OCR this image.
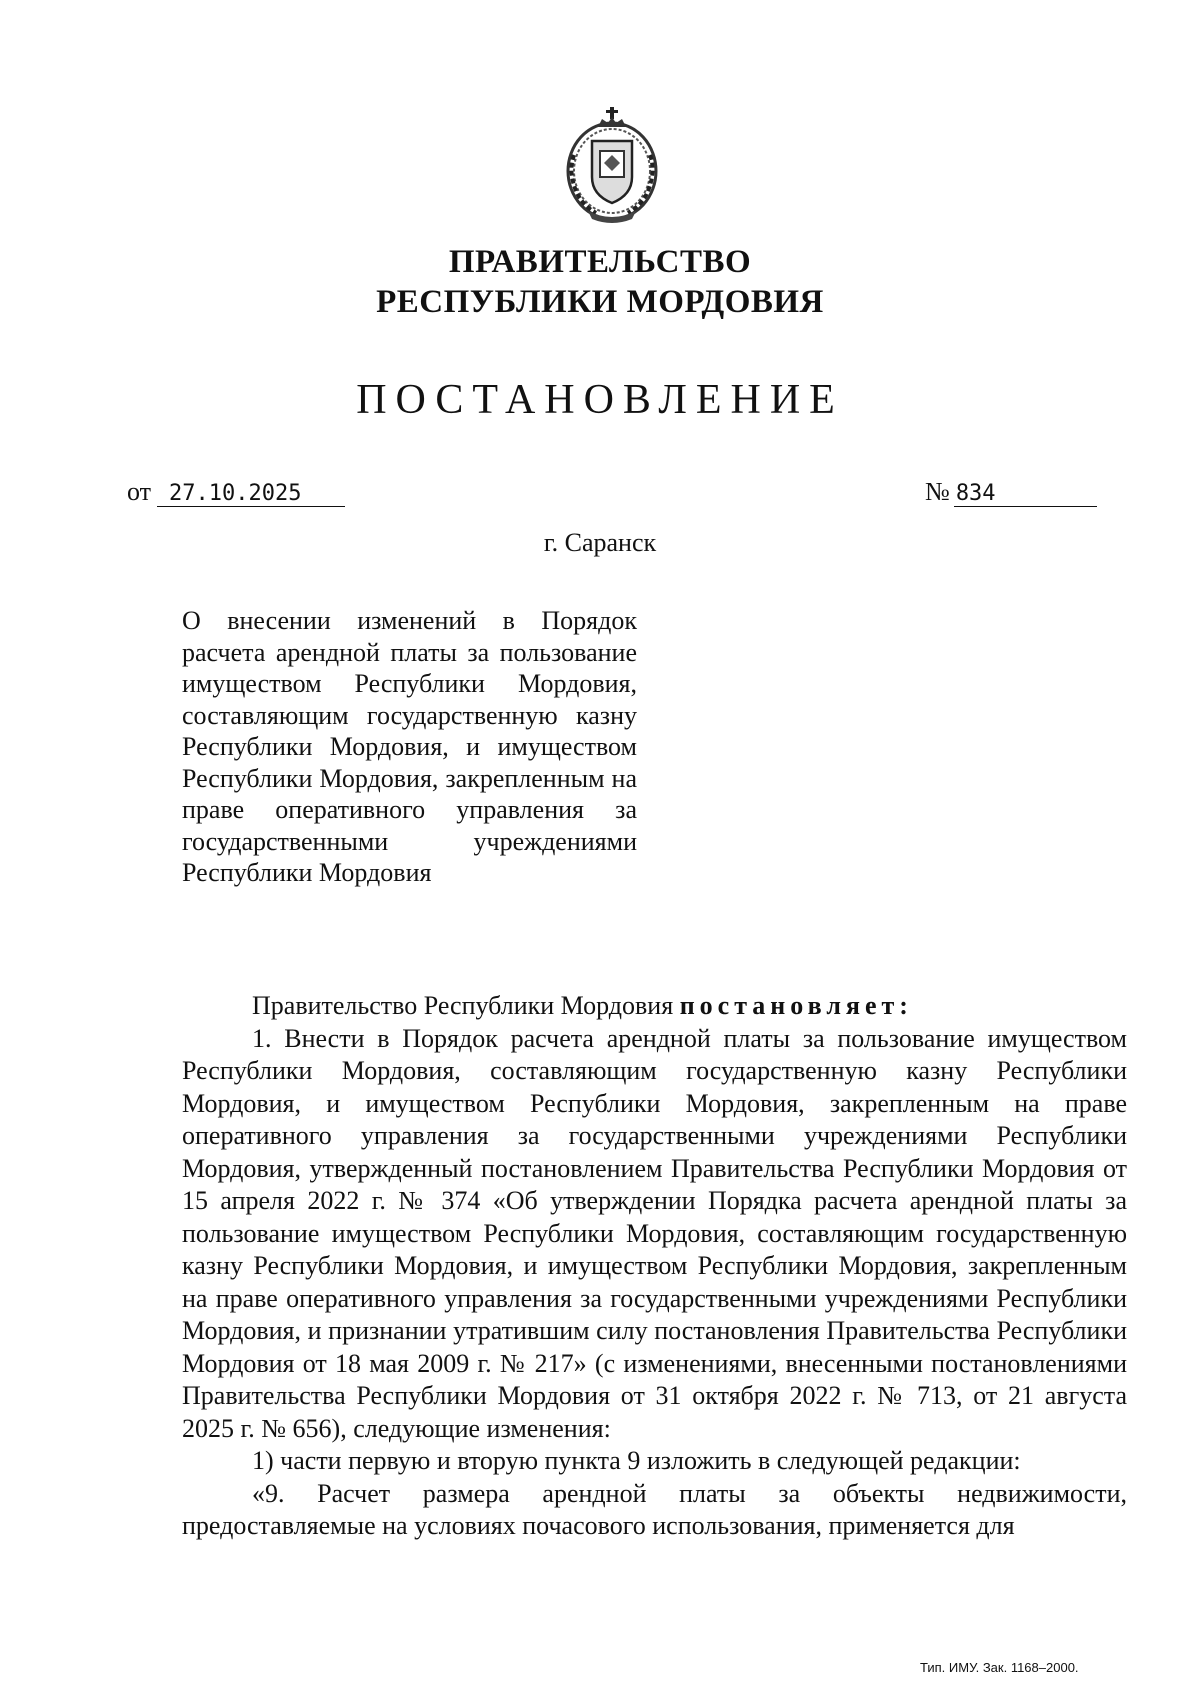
ПРАВИТЕЛЬСТВО
РЕСПУБЛИКИ МОРДОВИЯ
ПОСТАНОВЛЕНИЕ
от 27.10.2025	№ 834
г. Саранск
О внесении изменений в Порядок расчета арендной платы за пользование имуществом Республики Мордовия, составляющим государственную казну Республики Мордовия, и имуществом Республики Мордовия, закрепленным на праве оперативного управления за государственными учреждениями Республики Мордовия

Правительство Республики Мордовия постановляет:

1. Внести в Порядок расчета арендной платы за пользование имуществом Республики Мордовия, составляющим государственную казну Республики Мордовия, и имуществом Республики Мордовия, закрепленным на праве оперативного управления за государственными учреждениями Республики Мордовия, утвержденный постановлением Правительства Республики Мордовия от 15 апреля 2022 г. № 374 «Об утверждении Порядка расчета арендной платы за пользование имуществом Республики Мордовия, составляющим государственную казну Республики Мордовия, и имуществом Республики Мордовия, закрепленным на праве оперативного управления за государственными учреждениями Республики Мордовия, и признании утратившим силу постановления Правительства Республики Мордовия от 18 мая 2009 г. № 217» (с изменениями, внесенными постановлениями Правительства Республики Мордовия от 31 октября 2022 г. № 713, от 21 августа 2025 г. № 656), следующие изменения:

1) части первую и вторую пункта 9 изложить в следующей редакции:

«9. Расчет размера арендной платы за объекты недвижимости, предоставляемые на условиях почасового использования, применяется для

Тип. ИМУ. Зак. 1168–2000.
